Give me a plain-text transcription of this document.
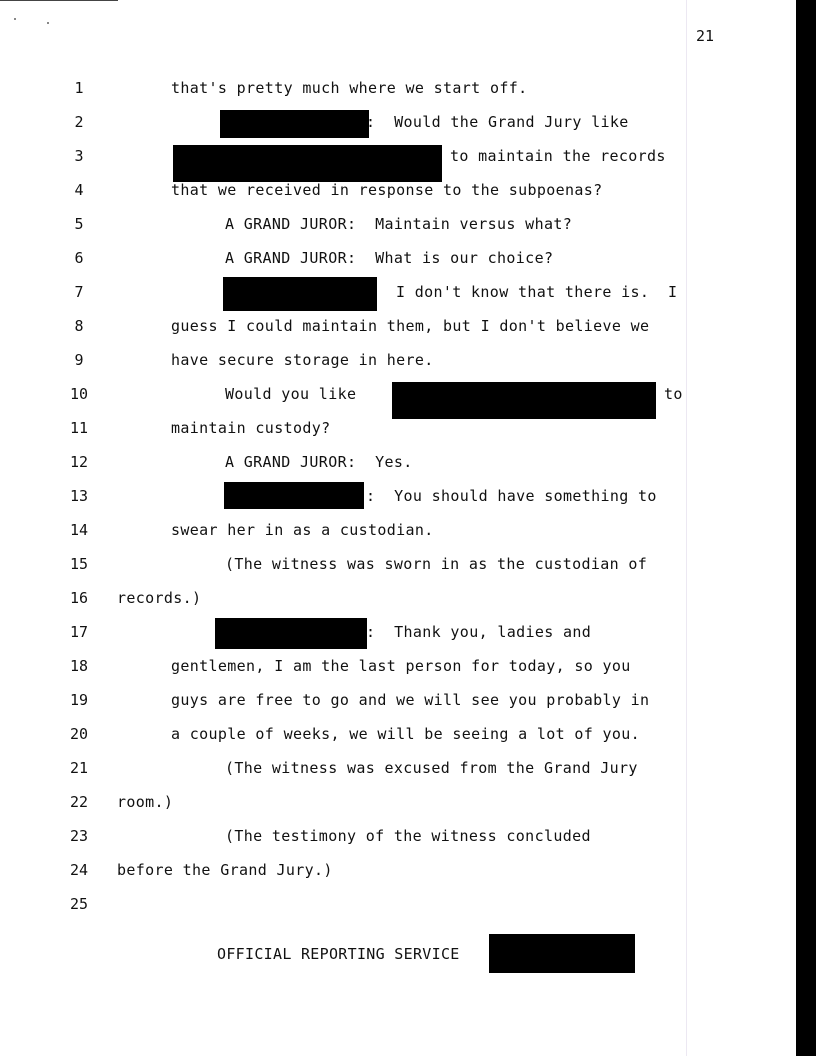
21
1
2
3
4
5
6
7
8
9
10
11
12
13
14
15
16
17
18
19
20
21
22
23
24
25
that's pretty much where we start off.
:  Would the Grand Jury like
to maintain the records
that we received in response to the subpoenas?
A GRAND JUROR:  Maintain versus what?
A GRAND JUROR:  What is our choice?
I don't know that there is.  I
guess I could maintain them, but I don't believe we
have secure storage in here.
Would you like	to
maintain custody?
A GRAND JUROR:  Yes.
:  You should have something to
swear her in as a custodian.
(The witness was sworn in as the custodian of
records.)
:  Thank you, ladies and
gentlemen, I am the last person for today, so you
guys are free to go and we will see you probably in
a couple of weeks, we will be seeing a lot of you.
(The witness was excused from the Grand Jury
room.)
(The testimony of the witness concluded
before the Grand Jury.)
OFFICIAL REPORTING SERVICE
